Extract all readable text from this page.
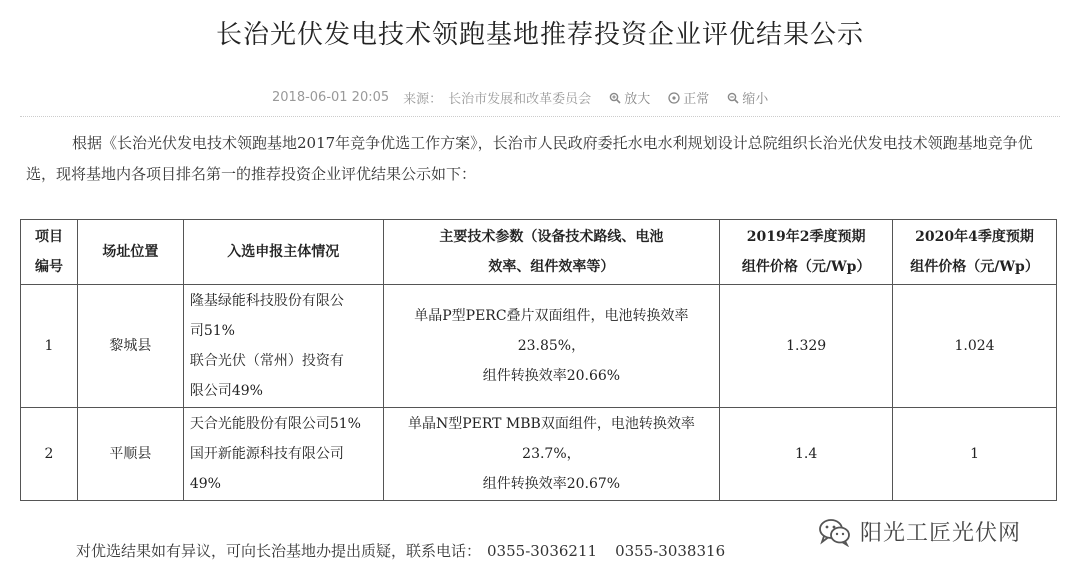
长治光伏发电技术领跑基地推荐投资企业评优结果公示
2018-06-01 20:05 来源： 长治市发展和改革委员会	放大	正常	缩小
根据《长治光伏发电技术领跑基地2017年竞争优选工作方案》，长治市人民政府委托水电水利规划设计总院组织长治光伏发电技术领跑基地竞争优选，现将基地内各项目排名第一的推荐投资企业评优结果公示如下：
项目
编号	场址位置	入选申报主体情况	主要技术参数（设备技术路线、电池
效率、组件效率等）	2019年2季度预期
组件价格（元/Wp）	2020年4季度预期
组件价格（元/Wp）
1	黎城县	隆基绿能科技股份有限公
司51%
联合光伏（常州）投资有
限公司49%	单晶P型PERC叠片双面组件，电池转换效率
23.85%，
组件转换效率20.66%	1.329	1.024
2	平顺县	天合光能股份有限公司51%
国开新能源科技有限公司
49%	单晶N型PERT MBB双面组件，电池转换效率
23.7%，
组件转换效率20.67%	1.4	1
对优选结果如有异议，可向长治基地办提出质疑，联系电话： 0355-3036211 0355-3038316
阳光工匠光伏网
